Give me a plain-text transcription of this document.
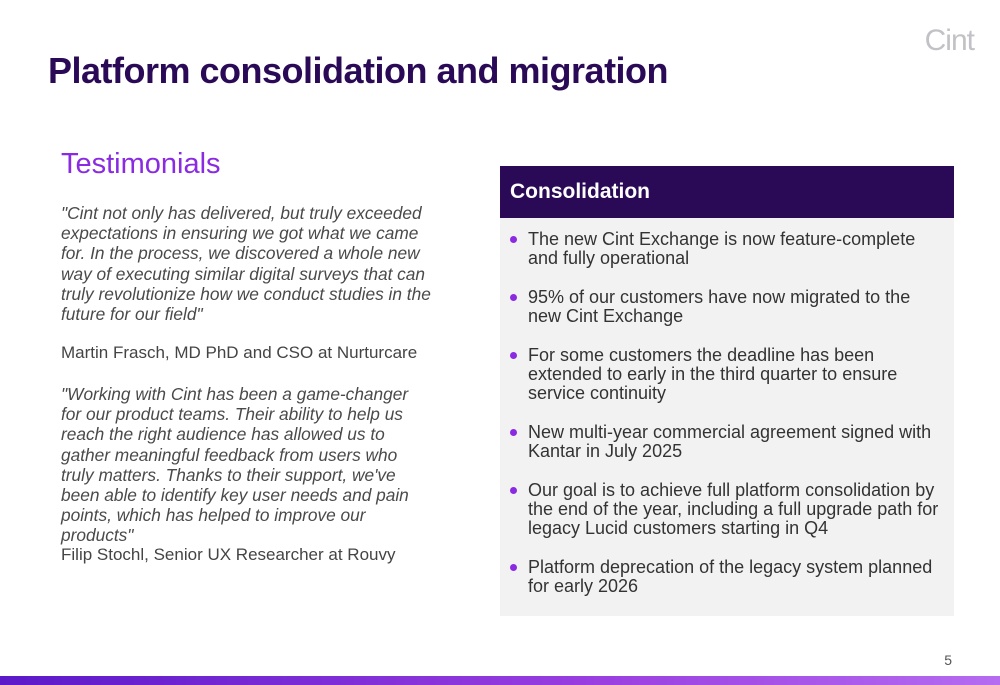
Cint
Platform consolidation and migration
Testimonials

"Cint not only has delivered, but truly exceeded expectations in ensuring we got what we came for. In the process, we discovered a whole new way of executing similar digital surveys that can truly revolutionize how we conduct studies in the future for our field"

Martin Frasch, MD PhD and CSO at Nurturcare

"Working with Cint has been a game-changer for our product teams. Their ability to help us reach the right audience has allowed us to gather meaningful feedback from users who truly matters. Thanks to their support, we've been able to identify key user needs and pain points, which has helped to improve our products"

Filip Stochl, Senior UX Researcher at Rouvy
Consolidation
The new Cint Exchange is now feature-complete and fully operational
95% of our customers have now migrated to the new Cint Exchange
For some customers the deadline has been extended to early in the third quarter to ensure service continuity
New multi-year commercial agreement signed with Kantar in July 2025
Our goal is to achieve full platform consolidation by the end of the year, including a full upgrade path for legacy Lucid customers starting in Q4
Platform deprecation of the legacy system planned for early 2026
5
